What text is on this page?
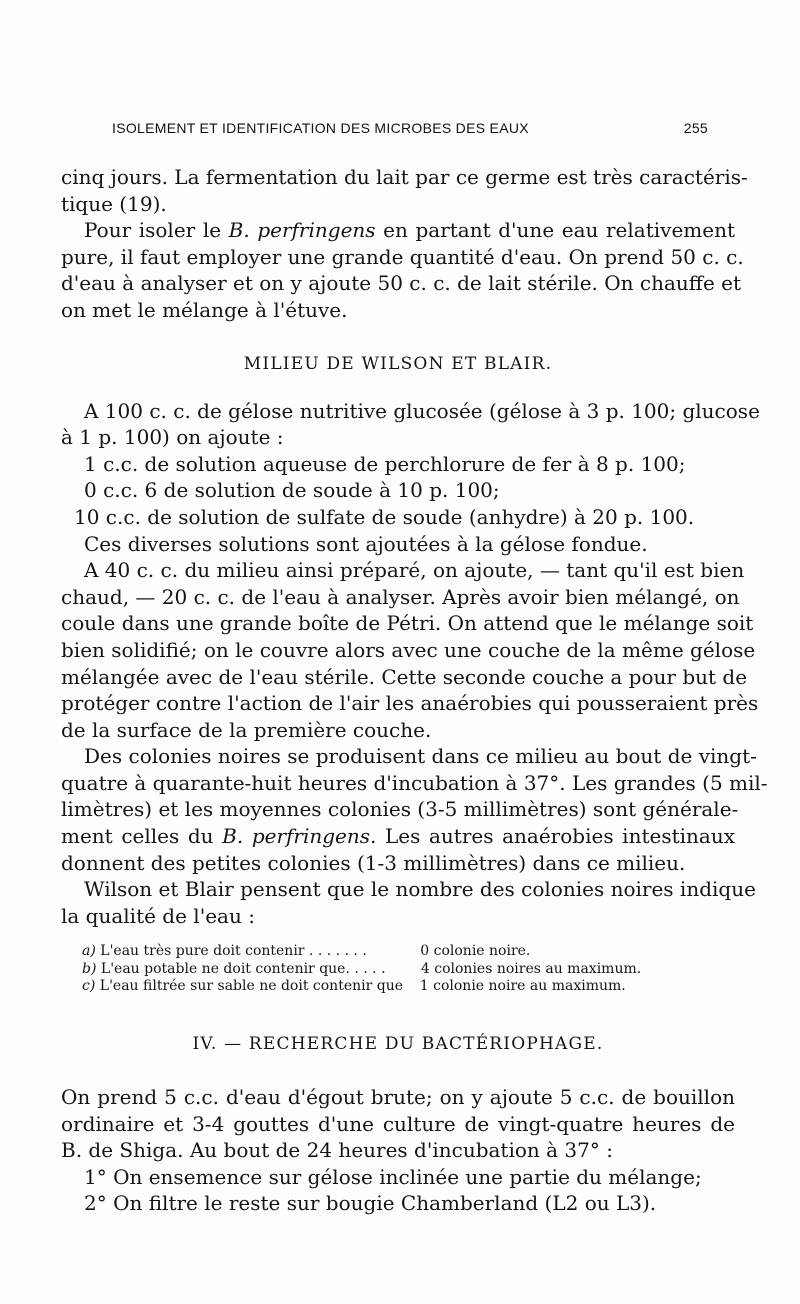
ISOLEMENT ET IDENTIFICATION DES MICROBES DES EAUX	255
cinq jours. La fermentation du lait par ce germe est très caractéris-
tique (19).
Pour isoler le B. perfringens en partant d'une eau relativement
pure, il faut employer une grande quantité d'eau. On prend 50 c. c.
d'eau à analyser et on y ajoute 50 c. c. de lait stérile. On chauffe et
on met le mélange à l'étuve.
MILIEU DE WILSON ET BLAIR.
A 100 c. c. de gélose nutritive glucosée (gélose à 3 p. 100; glucose
à 1 p. 100) on ajoute :
1 c.c. de solution aqueuse de perchlorure de fer à 8 p. 100;
0 c.c. 6 de solution de soude à 10 p. 100;
10 c.c. de solution de sulfate de soude (anhydre) à 20 p. 100.
Ces diverses solutions sont ajoutées à la gélose fondue.
A 40 c. c. du milieu ainsi préparé, on ajoute, — tant qu'il est bien
chaud, — 20 c. c. de l'eau à analyser. Après avoir bien mélangé, on
coule dans une grande boîte de Pétri. On attend que le mélange soit
bien solidifié; on le couvre alors avec une couche de la même gélose
mélangée avec de l'eau stérile. Cette seconde couche a pour but de
protéger contre l'action de l'air les anaérobies qui pousseraient près
de la surface de la première couche.
Des colonies noires se produisent dans ce milieu au bout de vingt-
quatre à quarante-huit heures d'incubation à 37°. Les grandes (5 mil-
limètres) et les moyennes colonies (3-5 millimètres) sont générale-
ment celles du B. perfringens. Les autres anaérobies intestinaux
donnent des petites colonies (1-3 millimètres) dans ce milieu.
Wilson et Blair pensent que le nombre des colonies noires indique
la qualité de l'eau :
a) L'eau très pure doit contenir . . . . . . .	0 colonie noire.
b) L'eau potable ne doit contenir que. . . . .	4 colonies noires au maximum.
c) L'eau filtrée sur sable ne doit contenir que 1 colonie noire au maximum.
IV. — RECHERCHE DU BACTÉRIOPHAGE.
On prend 5 c.c. d'eau d'égout brute; on y ajoute 5 c.c. de bouillon
ordinaire et 3-4 gouttes d'une culture de vingt-quatre heures de
B. de Shiga. Au bout de 24 heures d'incubation à 37° :
1° On ensemence sur gélose inclinée une partie du mélange;
2° On filtre le reste sur bougie Chamberland (L2 ou L3).
